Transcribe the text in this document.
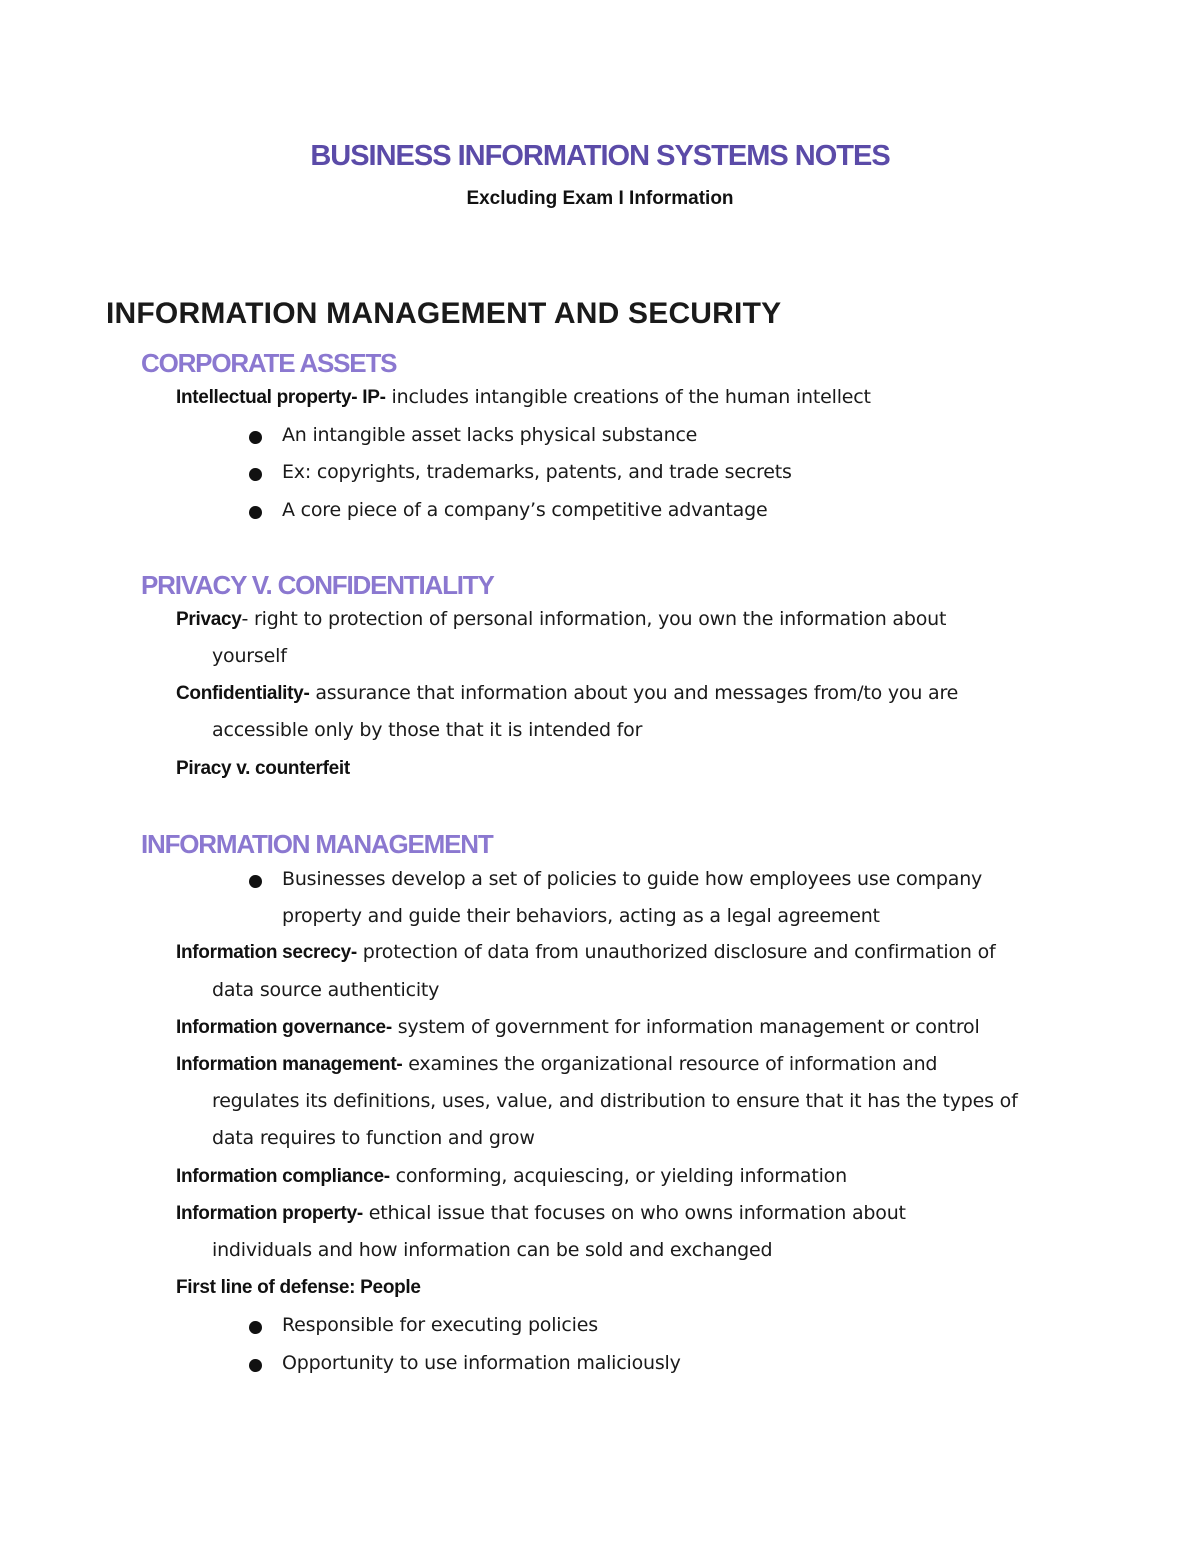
BUSINESS INFORMATION SYSTEMS NOTES
Excluding Exam I Information
INFORMATION MANAGEMENT AND SECURITY
CORPORATE ASSETS
Intellectual property- IP- includes intangible creations of the human intellect
An intangible asset lacks physical substance
Ex: copyrights, trademarks, patents, and trade secrets
A core piece of a company’s competitive advantage
PRIVACY V. CONFIDENTIALITY
Privacy- right to protection of personal information, you own the information about
yourself
Confidentiality- assurance that information about you and messages from/to you are
accessible only by those that it is intended for
Piracy v. counterfeit
INFORMATION MANAGEMENT
Businesses develop a set of policies to guide how employees use company
property and guide their behaviors, acting as a legal agreement
Information secrecy- protection of data from unauthorized disclosure and confirmation of
data source authenticity
Information governance- system of government for information management or control
Information management- examines the organizational resource of information and
regulates its definitions, uses, value, and distribution to ensure that it has the types of
data requires to function and grow
Information compliance- conforming, acquiescing, or yielding information
Information property- ethical issue that focuses on who owns information about
individuals and how information can be sold and exchanged
First line of defense: People
Responsible for executing policies
Opportunity to use information maliciously
